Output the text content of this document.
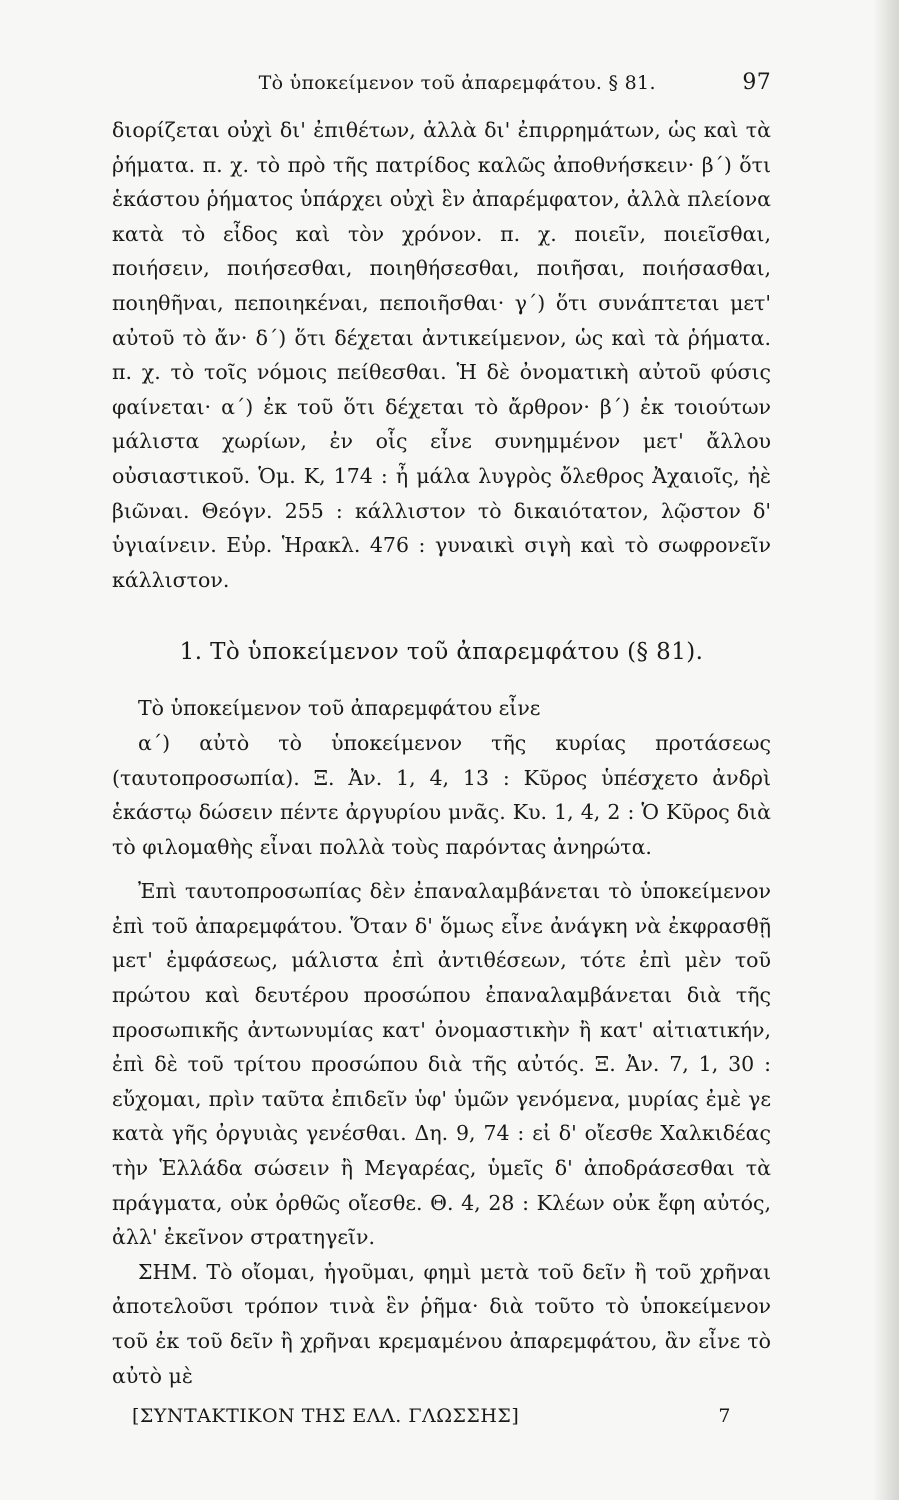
Τὸ ὑποκείμενον τοῦ ἀπαρεμφάτου. § 81.	97

διορίζεται οὐχὶ δι' ἐπιθέτων, ἀλλὰ δι' ἐπιρρημάτων, ὡς καὶ τὰ ῥήματα. π. χ. τὸ πρὸ τῆς πατρίδος καλῶς ἀποθνήσκειν· β΄) ὅτι ἑκάστου ῥήματος ὑπάρχει οὐχὶ ἓν ἀπαρέμφατον, ἀλλὰ πλείονα κατὰ τὸ εἶδος καὶ τὸν χρόνον. π. χ. ποιεῖν, ποιεῖσθαι, ποιήσειν, ποιήσεσθαι, ποιηθήσεσθαι, ποιῆσαι, ποιήσασθαι, ποιηθῆναι, πεποιηκέναι, πεποιῆσθαι· γ΄) ὅτι συνάπτεται μετ' αὐτοῦ τὸ ἄν· δ΄) ὅτι δέχεται ἀντικείμενον, ὡς καὶ τὰ ῥήματα. π. χ. τὸ τοῖς νόμοις πείθεσθαι. Ἡ δὲ ὀνοματικὴ αὐτοῦ φύσις φαίνεται· α΄) ἐκ τοῦ ὅτι δέχεται τὸ ἄρθρον· β΄) ἐκ τοιούτων μάλιστα χωρίων, ἐν οἷς εἶνε συνημμένον μετ' ἄλλου οὐσιαστικοῦ. Ὁμ. Κ, 174 : ἦ μάλα λυγρὸς ὄλεθρος Ἀχαιοῖς, ἠὲ βιῶναι. Θεόγν. 255 : κάλλιστον τὸ δικαιότατον, λῷστον δ' ὑγιαίνειν. Εὐρ. Ἡρακλ. 476 : γυναικὶ σιγὴ καὶ τὸ σωφρονεῖν κάλλιστον.

1. Τὸ ὑποκείμενον τοῦ ἀπαρεμφάτου (§ 81).

Τὸ ὑποκείμενον τοῦ ἀπαρεμφάτου εἶνε

α΄) αὐτὸ τὸ ὑποκείμενον τῆς κυρίας προτάσεως (ταυτοπροσωπία). Ξ. Ἀν. 1, 4, 13 : Κῦρος ὑπέσχετο ἀνδρὶ ἑκάστῳ δώσειν πέντε ἀργυρίου μνᾶς. Κυ. 1, 4, 2 : Ὁ Κῦρος διὰ τὸ φιλομαθὴς εἶναι πολλὰ τοὺς παρόντας ἀνηρώτα.

Ἐπὶ ταυτοπροσωπίας δὲν ἐπαναλαμβάνεται τὸ ὑποκείμενον ἐπὶ τοῦ ἀπαρεμφάτου. Ὅταν δ' ὅμως εἶνε ἀνάγκη νὰ ἐκφρασθῇ μετ' ἐμφάσεως, μάλιστα ἐπὶ ἀντιθέσεων, τότε ἐπὶ μὲν τοῦ πρώτου καὶ δευτέρου προσώπου ἐπαναλαμβάνεται διὰ τῆς προσωπικῆς ἀντωνυμίας κατ' ὀνομαστικὴν ἢ κατ' αἰτιατικήν, ἐπὶ δὲ τοῦ τρίτου προσώπου διὰ τῆς αὐτός. Ξ. Ἀν. 7, 1, 30 : εὔχομαι, πρὶν ταῦτα ἐπιδεῖν ὑφ' ὑμῶν γενόμενα, μυρίας ἐμὲ γε κατὰ γῆς ὀργυιὰς γενέσθαι. Δη. 9, 74 : εἰ δ' οἴεσθε Χαλκιδέας τὴν Ἑλλάδα σώσειν ἢ Μεγαρέας, ὑμεῖς δ' ἀποδράσεσθαι τὰ πράγματα, οὐκ ὀρθῶς οἴεσθε. Θ. 4, 28 : Κλέων οὐκ ἔφη αὐτός, ἀλλ' ἐκεῖνον στρατηγεῖν.

ΣΗΜ. Τὸ οἴομαι, ἡγοῦμαι, φημὶ μετὰ τοῦ δεῖν ἢ τοῦ χρῆναι ἀποτελοῦσι τρόπον τινὰ ἓν ῥῆμα· διὰ τοῦτο τὸ ὑποκείμενον τοῦ ἐκ τοῦ δεῖν ἢ χρῆναι κρεμαμένου ἀπαρεμφάτου, ἂν εἶνε τὸ αὐτὸ μὲ

[ΣΥΝΤΑΚΤΙΚΟΝ ΤΗΣ ΕΛΛ. ΓΛΩΣΣΗΣ]	7
